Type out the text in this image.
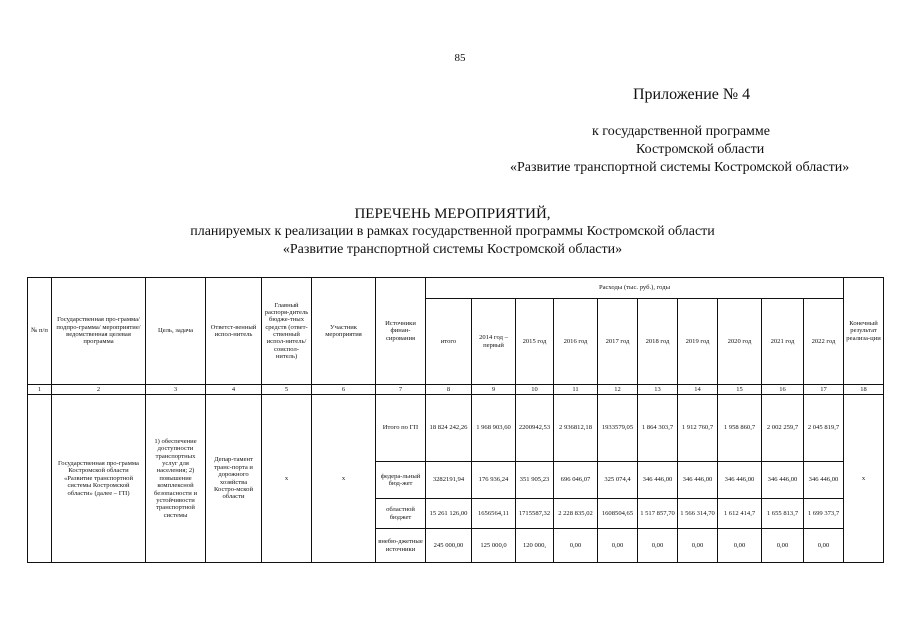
85
Приложение № 4
к государственной программе
Костромской области
«Развитие транспортной системы Костромской области»
ПЕРЕЧЕНЬ МЕРОПРИЯТИЙ,
планируемых к реализации в рамках государственной программы Костромской области
«Развитие транспортной системы Костромской области»
№ п/п	Государственная про-грамма/ подпро-грамма/ мероприятие/ ведомственная целевая программа	Цель, задача	Ответст-венный испол-нитель	Главный распоря-дитель бюдже-тных средств (ответ-ственный испол-нитель/ соиспол-нитель)	Участник мероприятия	Источники финан-сирования	Расходы (тыс. руб.), годы										Конечный результат реализа-ции
							итого	2014 год – первый	2015 год	2016 год	2017 год	2018 год	2019 год	2020 год	2021 год	2022 год	
1	2	3	4	5	6	7	8	9	10	11	12	13	14	15	16	17	18
	Государственная про-грамма Костромской области «Развитие транспортной системы Костромской области» (далее – ГП)	1) обеспечение доступности транспортных услуг для населения; 2) повышение комплексной безопасности и устойчивости транспортной системы	Депар-тамент транс-порта и дорожного хозяйства Костро-мской области	х	х	Итого по ГП	18 824 242,26	1 968 903,60	2200942,53	2 936812,18	1933579,05	1 864 303,7	1 912 760,7	1 958 860,7	2 002 259,7	2 045 819,7	х
						федера-льный бюд-жет	3282191,94	176 936,24	351 905,23	696 046,07	325 074,4	346 446,00	346 446,00	346 446,00	346 446,00	346 446,00	
						областной бюджет	15 261 126,00	1656564,11	1715587,32	2 228 835,02	1608504,65	1 517 857,70	1 566 314,70	1 612 414,7	1 655 813,7	1 699 373,7	
						внебю-джетные источники	245 000,00	125 000,0	120 000,	0,00	0,00	0,00	0,00	0,00	0,00	0,00	
